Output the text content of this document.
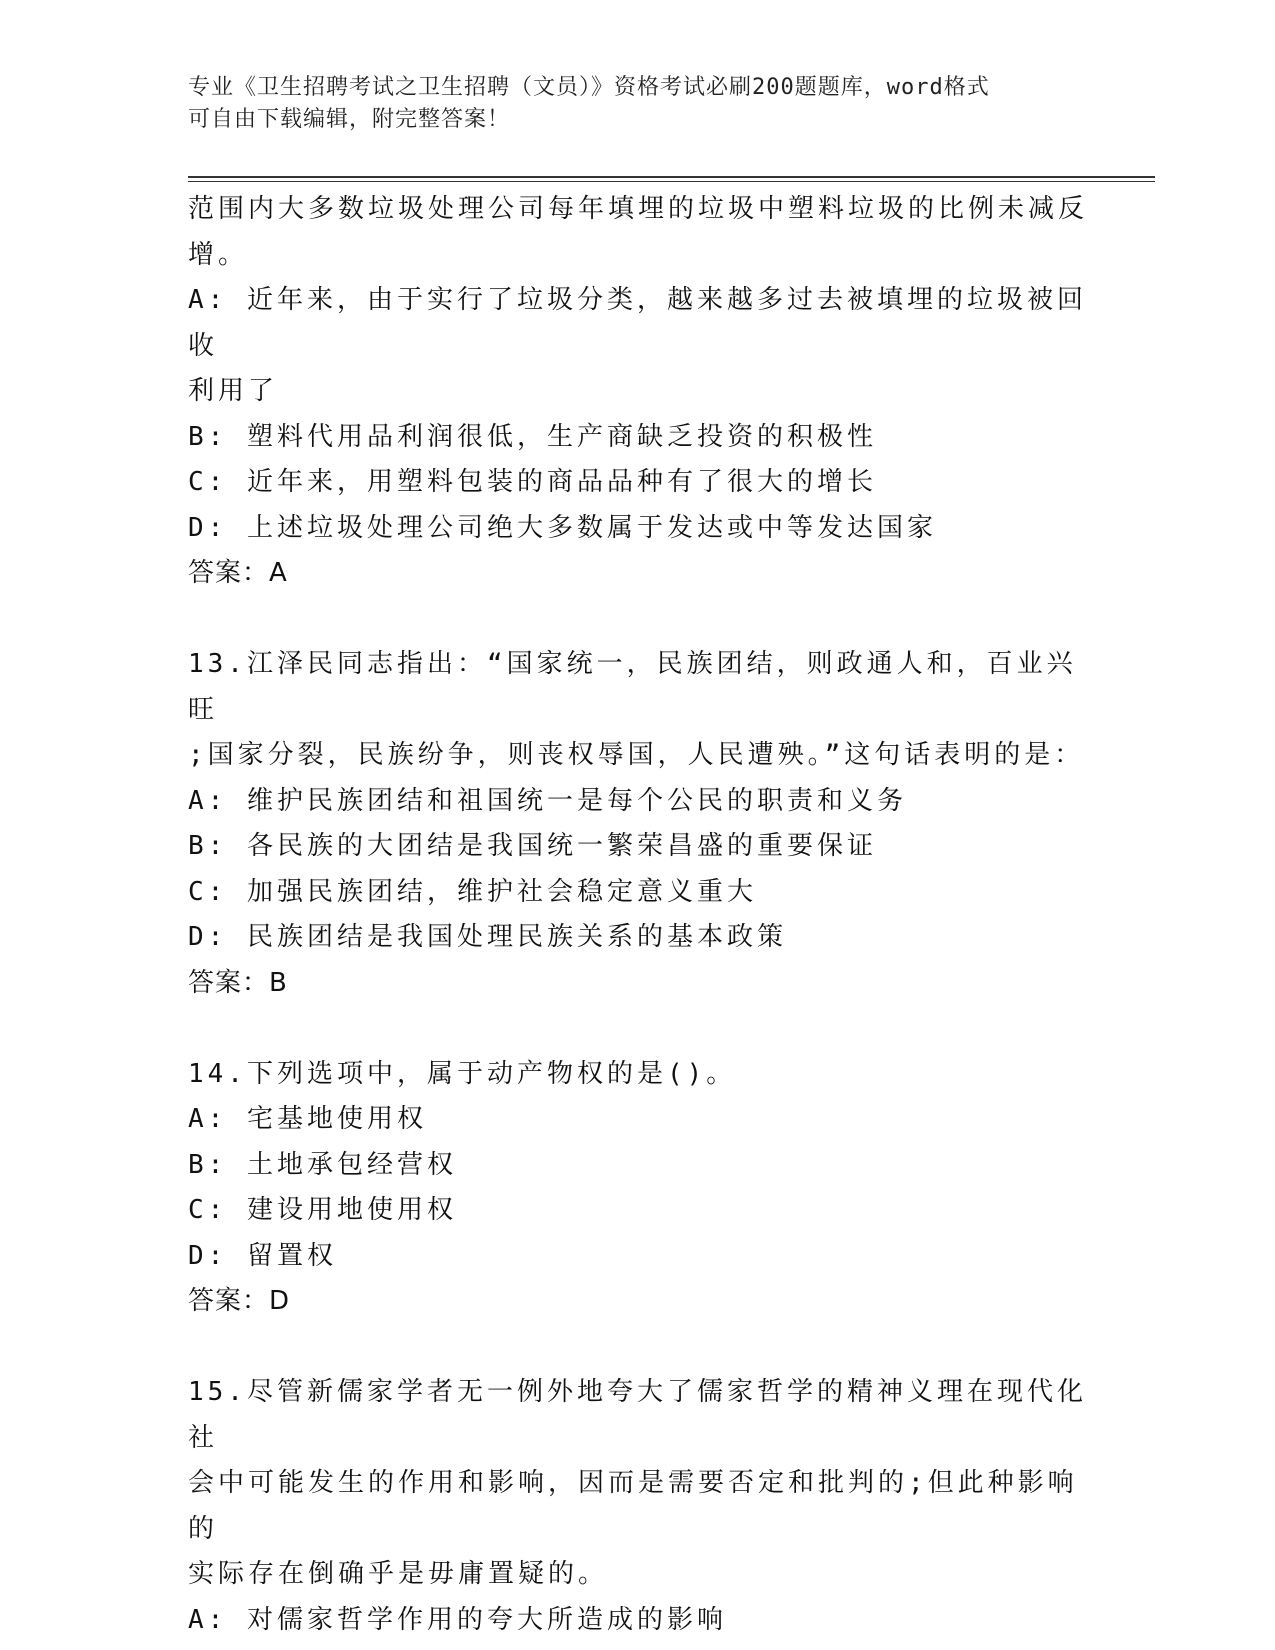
专业《卫生招聘考试之卫生招聘（文员）》资格考试必刷200题题库，word格式
可自由下载编辑，附完整答案！

范围内大多数垃圾处理公司每年填埋的垃圾中塑料垃圾的比例未减反

增。

A: 近年来，由于实行了垃圾分类，越来越多过去被填埋的垃圾被回收

利用了

B: 塑料代用品利润很低，生产商缺乏投资的积极性

C: 近年来，用塑料包装的商品品种有了很大的增长

D: 上述垃圾处理公司绝大多数属于发达或中等发达国家

答案：A

13.江泽民同志指出：“国家统一，民族团结，则政通人和，百业兴旺

;国家分裂，民族纷争，则丧权辱国，人民遭殃。”这句话表明的是：

A: 维护民族团结和祖国统一是每个公民的职责和义务

B: 各民族的大团结是我国统一繁荣昌盛的重要保证

C: 加强民族团结，维护社会稳定意义重大

D: 民族团结是我国处理民族关系的基本政策

答案：B

14.下列选项中，属于动产物权的是()。

A: 宅基地使用权

B: 土地承包经营权

C: 建设用地使用权

D: 留置权

答案：D

15.尽管新儒家学者无一例外地夸大了儒家哲学的精神义理在现代化社

会中可能发生的作用和影响，因而是需要否定和批判的;但此种影响的

实际存在倒确乎是毋庸置疑的。

A: 对儒家哲学作用的夸大所造成的影响
